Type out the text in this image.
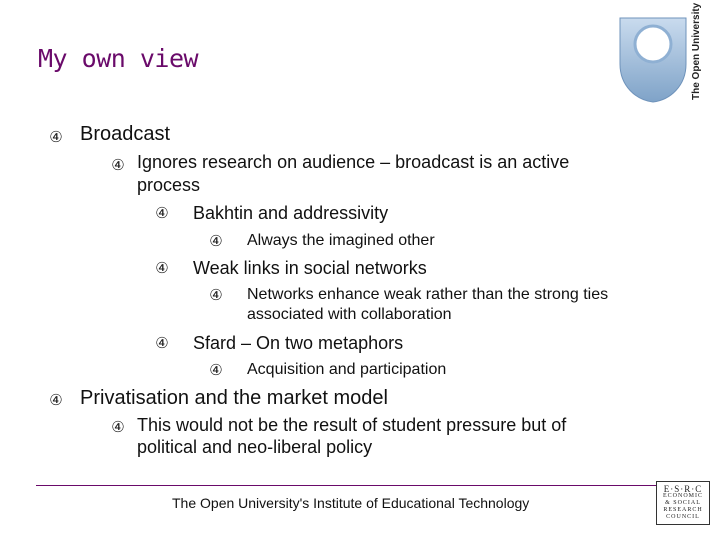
My own view	The Open University
④ Broadcast
④ Ignores research on audience – broadcast is an active
process
④ Bakhtin and addressivity
④ Always the imagined other
④ Weak links in social networks
④ Networks enhance weak rather than the strong ties
associated with collaboration
④ Sfard – On two metaphors
④ Acquisition and participation
④ Privatisation and the market model
④ This would not be the result of student pressure but of
political and neo-liberal policy
The Open University's Institute of Educational Technology
E·S·R·C
ECONOMIC
& SOCIAL
RESEARCH
COUNCIL
